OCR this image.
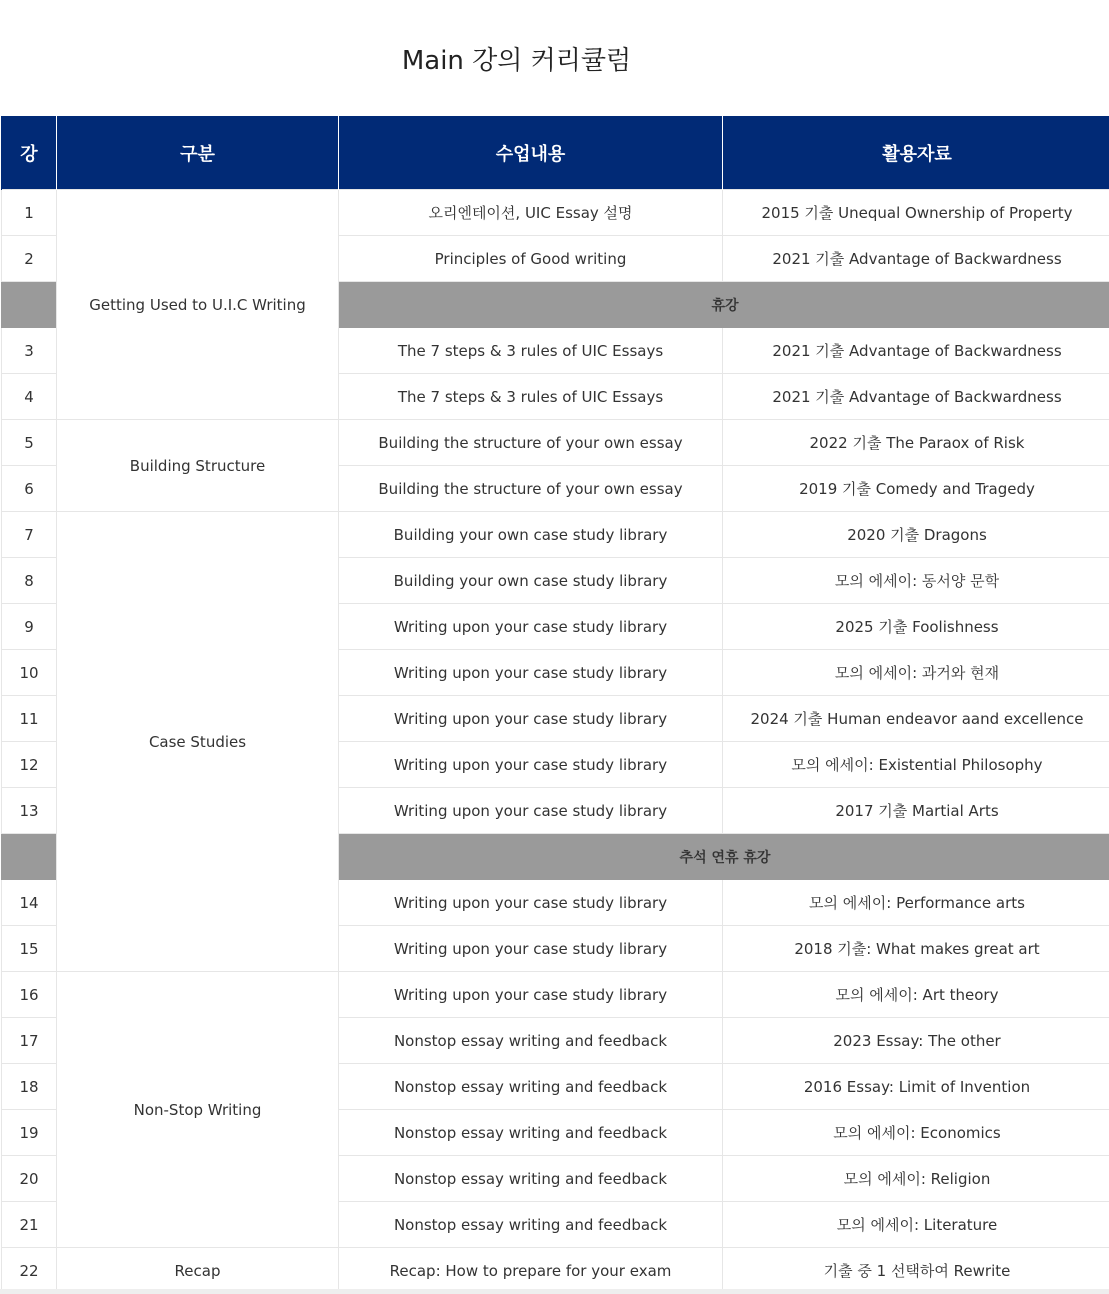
Main 강의 커리큘럼
강	구분	수업내용	활용자료
1	Getting Used to U.I.C Writing	오리엔테이션, UIC Essay 설명	2015 기출 Unequal Ownership of Property
2		Principles of Good writing	2021 기출 Advantage of Backwardness
		휴강	
3		The 7 steps & 3 rules of UIC Essays	2021 기출 Advantage of Backwardness
4		The 7 steps & 3 rules of UIC Essays	2021 기출 Advantage of Backwardness
5	Building Structure	Building the structure of your own essay	2022 기출 The Paraox of Risk
6		Building the structure of your own essay	2019 기출 Comedy and Tragedy
7	Case Studies	Building your own case study library	2020 기출 Dragons
8		Building your own case study library	모의 에세이: 동서양 문학
9		Writing upon your case study library	2025 기출 Foolishness
10		Writing upon your case study library	모의 에세이: 과거와 현재
11		Writing upon your case study library	2024 기출 Human endeavor aand excellence
12		Writing upon your case study library	모의 에세이: Existential Philosophy
13		Writing upon your case study library	2017 기출 Martial Arts
		추석 연휴 휴강	
14		Writing upon your case study library	모의 에세이: Performance arts
15		Writing upon your case study library	2018 기출: What makes great art
16	Non-Stop Writing	Writing upon your case study library	모의 에세이: Art theory
17		Nonstop essay writing and feedback	2023 Essay: The other
18		Nonstop essay writing and feedback	2016 Essay: Limit of Invention
19		Nonstop essay writing and feedback	모의 에세이: Economics
20		Nonstop essay writing and feedback	모의 에세이: Religion
21		Nonstop essay writing and feedback	모의 에세이: Literature
22	Recap	Recap: How to prepare for your exam	기출 중 1 선택하여 Rewrite
